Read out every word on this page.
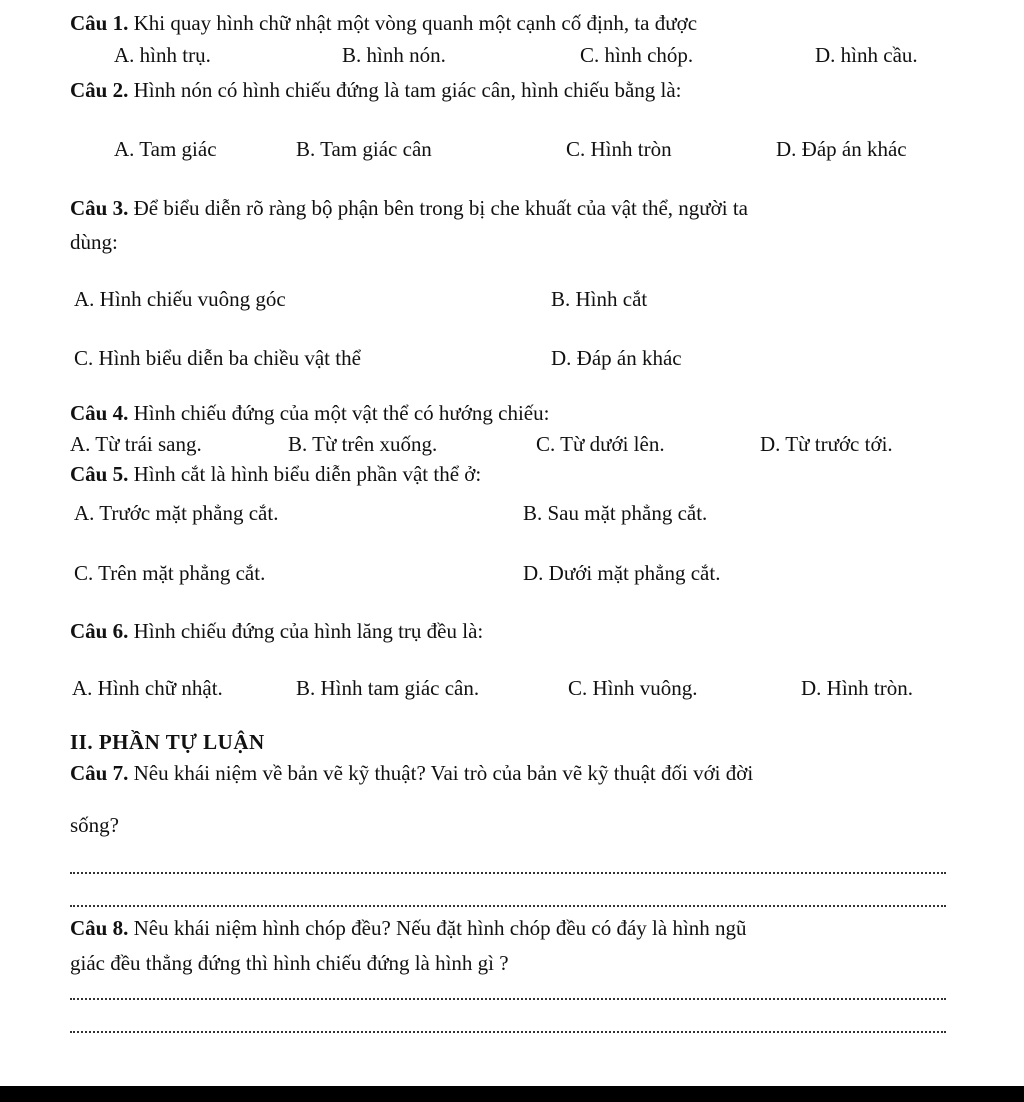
Câu 1. Khi quay hình chữ nhật một vòng quanh một cạnh cố định, ta được
A. hình trụ.	B. hình nón.	C. hình chóp.	D. hình cầu.
Câu 2. Hình nón có hình chiếu đứng là tam giác cân, hình chiếu bằng là:
A. Tam giác	B. Tam giác cân	C. Hình tròn	D. Đáp án khác
Câu 3. Để biểu diễn rõ ràng bộ phận bên trong bị che khuất của vật thể, người ta
dùng:
A. Hình chiếu vuông góc	B. Hình cắt
C. Hình biểu diễn ba chiều vật thể	D. Đáp án khác
Câu 4. Hình chiếu đứng của một vật thể có hướng chiếu:
A. Từ trái sang.	B. Từ trên xuống.	C. Từ dưới lên.	D. Từ trước tới.
Câu 5. Hình cắt là hình biểu diễn phần vật thể ở:
A. Trước mặt phẳng cắt.	B. Sau mặt phẳng cắt.
C. Trên mặt phẳng cắt.	D. Dưới mặt phẳng cắt.
Câu 6. Hình chiếu đứng của hình lăng trụ đều là:
A. Hình chữ nhật.	B. Hình tam giác cân.	C. Hình vuông.	D. Hình tròn.
II. PHẦN TỰ LUẬN
Câu 7. Nêu khái niệm về bản vẽ kỹ thuật? Vai trò của bản vẽ kỹ thuật đối với đời
sống?
Câu 8. Nêu khái niệm hình chóp đều? Nếu đặt hình chóp đều có đáy là hình ngũ
giác đều thẳng đứng thì hình chiếu đứng là hình gì ?
